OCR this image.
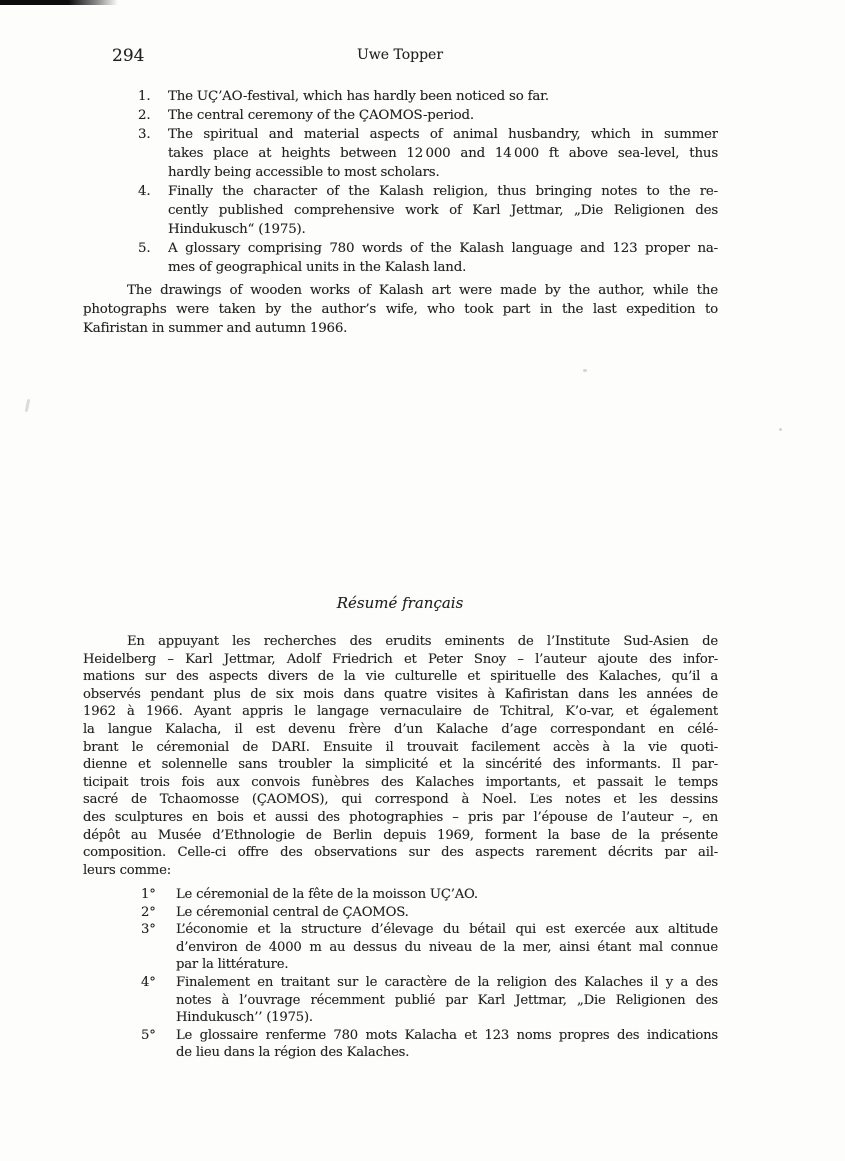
294	Uwe Topper
1.	The UÇ’AO-festival, which has hardly been noticed so far.
2.	The central ceremony of the ÇAOMOS-period.
3.	The spiritual and material aspects of animal husbandry, which in summer
takes place at heights between 12 000 and 14 000 ft above sea-level, thus
hardly being accessible to most scholars.
4.	Finally the character of the Kalash religion, thus bringing notes to the re-
cently published comprehensive work of Karl Jettmar, „Die Religionen des
Hindukusch“ (1975).
5.	A glossary comprising 780 words of the Kalash language and 123 proper na-
mes of geographical units in the Kalash land.
The drawings of wooden works of Kalash art were made by the author, while the
photographs were taken by the author’s wife, who took part in the last expedition to
Kafiristan in summer and autumn 1966.
Résumé français
En appuyant les recherches des erudits eminents de l’Institute Sud-Asien de
Heidelberg – Karl Jettmar, Adolf Friedrich et Peter Snoy – l’auteur ajoute des infor-
mations sur des aspects divers de la vie culturelle et spirituelle des Kalaches, qu’il a
observés pendant plus de six mois dans quatre visites à Kafiristan dans les années de
1962 à 1966. Ayant appris le langage vernaculaire de Tchitral, K’o-var, et également
la langue Kalacha, il est devenu frère d’un Kalache d’age correspondant en célé-
brant le céremonial de DARI. Ensuite il trouvait facilement accès à la vie quoti-
dienne et solennelle sans troubler la simplicité et la sincérité des informants. Il par-
ticipait trois fois aux convois funèbres des Kalaches importants, et passait le temps
sacré de Tchaomosse (ÇAOMOS), qui correspond à Noel. Les notes et les dessins
des sculptures en bois et aussi des photographies – pris par l’épouse de l’auteur –, en
dépôt au Musée d’Ethnologie de Berlin depuis 1969, forment la base de la présente
composition. Celle-ci offre des observations sur des aspects rarement décrits par ail-
leurs comme:
1°	Le céremonial de la fête de la moisson UÇ’AO.
2°	Le céremonial central de ÇAOMOS.
3°	L’économie et la structure d’élevage du bétail qui est exercée aux altitude
d’environ de 4000 m au dessus du niveau de la mer, ainsi étant mal connue
par la littérature.
4°	Finalement en traitant sur le caractère de la religion des Kalaches il y a des
notes à l’ouvrage récemment publié par Karl Jettmar, „Die Religionen des
Hindukusch’’ (1975).
5°	Le glossaire renferme 780 mots Kalacha et 123 noms propres des indications
de lieu dans la région des Kalaches.
